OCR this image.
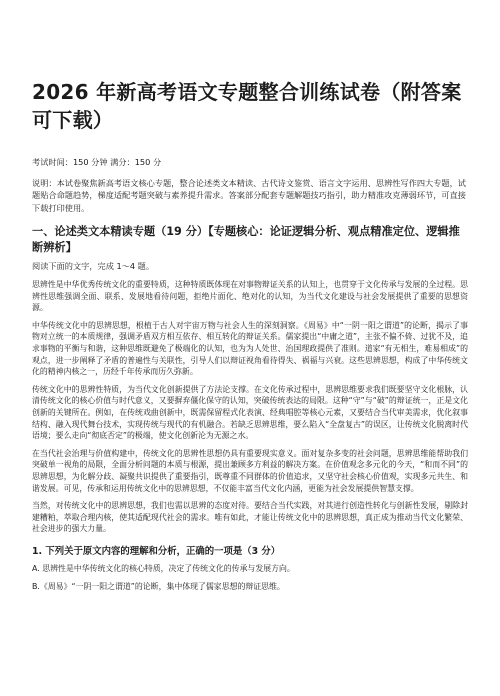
2026 年新高考语文专题整合训练试卷（附答案可下载）

考试时间：150 分钟 满分：150 分

说明：本试卷聚焦新高考语文核心专题，整合论述类文本精读、古代诗文鉴赏、语言文字运用、思辨性写作四大专题，试题贴合命题趋势，梯度适配考题突破与素养提升需求。答案部分配套专题解题技巧指引，助力精准攻克薄弱环节，可直接下载打印使用。

一、论述类文本精读专题（19 分）【专题核心：论证逻辑分析、观点精准定位、逻辑推断辨析】

阅读下面的文字，完成 1～4 题。

思辨性是中华优秀传统文化的重要特质，这种特质既体现在对事物辩证关系的认知上，也贯穿于文化传承与发展的全过程。思辨性思维强调全面、联系、发展地看待问题，拒绝片面化、绝对化的认知，为当代文化建设与社会发展提供了重要的思想资源。

中华传统文化中的思辨思想，根植于古人对宇宙万物与社会人生的深刻洞察。《周易》中“一阴一阳之谓道”的论断，揭示了事物对立统一的本质规律，强调矛盾双方相互依存、相互转化的辩证关系。儒家提出“中庸之道”，主张不偏不倚、过犹不及，追求事物的平衡与和谐，这种思维既避免了极端化的认知，也为为人处世、治国理政提供了准则。道家“有无相生，难易相成”的观点，进一步阐释了矛盾的普遍性与关联性，引导人们以辩证视角看待得失、祸福与兴衰。这些思辨思想，构成了中华传统文化的精神内核之一，历经千年传承而历久弥新。

传统文化中的思辨性特质，为当代文化创新提供了方法论支撑。在文化传承过程中，思辨思维要求我们既要坚守文化根脉，认清传统文化的核心价值与时代意义，又要摒弃僵化保守的认知，突破传统表达的局限。这种“守”与“破”的辩证统一，正是文化创新的关键所在。例如，在传统戏曲创新中，既需保留程式化表演、经典唱腔等核心元素，又要结合当代审美需求，优化叙事结构、融入现代舞台技术，实现传统与现代的有机融合。若缺乏思辨思维，要么陷入“全盘复古”的误区，让传统文化脱离时代语境；要么走向“彻底否定”的极端，使文化创新沦为无源之水。

在当代社会治理与价值构建中，传统文化的思辨性思想仍具有重要现实意义。面对复杂多变的社会问题，思辨思维能帮助我们突破单一视角的局限，全面分析问题的本质与根源，提出兼顾多方利益的解决方案。在价值观念多元化的今天，“和而不同”的思辨思想，为化解分歧、凝聚共识提供了重要指引，既尊重不同群体的价值追求，又坚守社会核心价值观，实现多元共生、和谐发展。可见，传承和运用传统文化中的思辨思想，不仅能丰富当代文化内涵，更能为社会发展提供智慧支撑。

当然，对传统文化中的思辨思想，我们也需以思辨的态度对待。要结合当代实践，对其进行创造性转化与创新性发展，剔除封建糟粕，萃取合理内核，使其适配现代社会的需求。唯有如此，才能让传统文化中的思辨思想，真正成为推动当代文化繁荣、社会进步的强大力量。

1. 下列关于原文内容的理解和分析，正确的一项是（3 分）

A. 思辨性是中华传统文化的核心特质，决定了传统文化的传承与发展方向。

B.《周易》“一阴一阳之谓道”的论断，集中体现了儒家思想的辩证思维。
